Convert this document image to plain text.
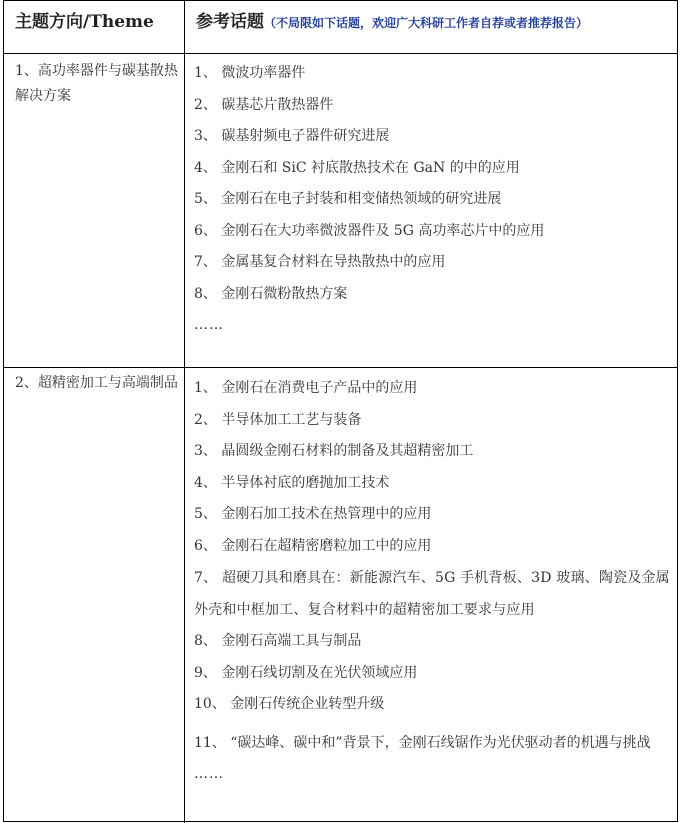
主题方向/Theme 参考话题（不局限如下话题，欢迎广大科研工作者自荐或者推荐报告）
1、高功率器件与碳基散热解决方案
1、 微波功率器件
2、 碳基芯片散热器件
3、 碳基射频电子器件研究进展
4、 金刚石和 SiC 衬底散热技术在 GaN 的中的应用
5、 金刚石在电子封装和相变储热领域的研究进展
6、 金刚石在大功率微波器件及 5G 高功率芯片中的应用
7、 金属基复合材料在导热散热中的应用
8、 金刚石微粉散热方案
……
2、超精密加工与高端制品 1、 金刚石在消费电子产品中的应用
2、 半导体加工工艺与装备
3、 晶圆级金刚石材料的制备及其超精密加工
4、 半导体衬底的磨抛加工技术
5、 金刚石加工技术在热管理中的应用
6、 金刚石在超精密磨粒加工中的应用
7、 超硬刀具和磨具在：新能源汽车、5G 手机背板、3D 玻璃、陶瓷及金属外壳和中框加工、复合材料中的超精密加工要求与应用
8、 金刚石高端工具与制品
9、 金刚石线切割及在光伏领域应用
10、 金刚石传统企业转型升级
11、 “碳达峰、碳中和”背景下，金刚石线锯作为光伏驱动者的机遇与挑战
……
